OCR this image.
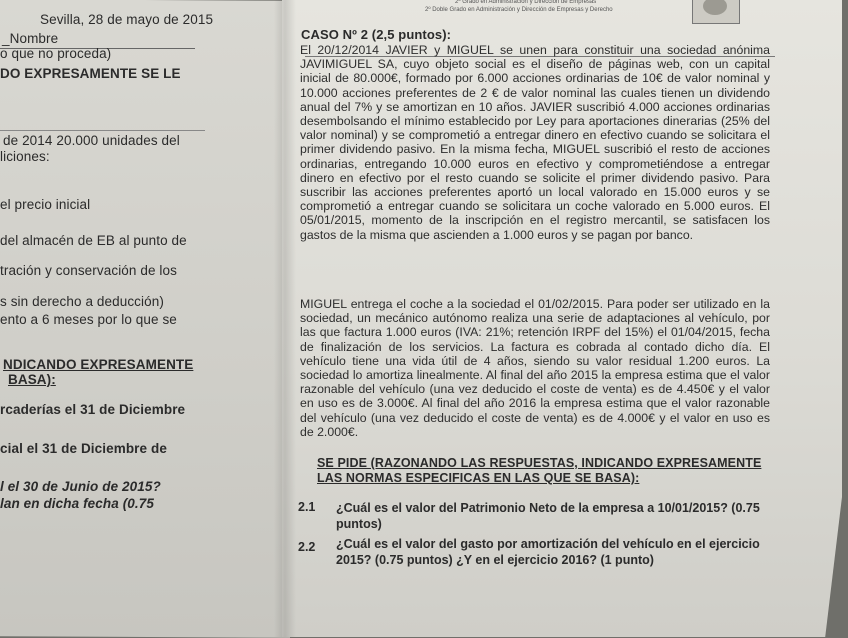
2º Grado en Administración y Dirección de Empresas
2º Doble Grado en Administración y Dirección de Empresas y Derecho
Sevilla, 28 de mayo de 2015
_Nombre
o que no proceda)
DO EXPRESAMENTE SE LE
de 2014 20.000 unidades del
liciones:
el precio inicial
del almacén de EB al punto de
tración y conservación de los
s sin derecho a deducción)
ento a 6 meses por lo que se
NDICANDO EXPRESAMENTE
BASA):
rcaderías el 31 de Diciembre
cial el 31 de Diciembre de
l el 30 de Junio de 2015?
lan en dicha fecha (0.75
CASO Nº 2 (2,5 puntos):
El 20/12/2014 JAVIER y MIGUEL se unen para constituir una sociedad anónima JAVIMIGUEL SA, cuyo objeto social es el diseño de páginas web, con un capital inicial de 80.000€, formado por 6.000 acciones ordinarias de 10€ de valor nominal y 10.000 acciones preferentes de 2 € de valor nominal las cuales tienen un dividendo anual del 7% y se amortizan en 10 años. JAVIER suscribió 4.000 acciones ordinarias desembolsando el mínimo establecido por Ley para aportaciones dinerarias (25% del valor nominal) y se comprometió a entregar dinero en efectivo cuando se solicitara el primer dividendo pasivo. En la misma fecha, MIGUEL suscribió el resto de acciones ordinarias, entregando 10.000 euros en efectivo y comprometiéndose a entregar dinero en efectivo por el resto cuando se solicite el primer dividendo pasivo. Para suscribir las acciones preferentes aportó un local valorado en 15.000 euros y se comprometió a entregar cuando se solicitara un coche valorado en 5.000 euros. El 05/01/2015, momento de la inscripción en el registro mercantil, se satisfacen los gastos de la misma que ascienden a 1.000 euros y se pagan por banco.
MIGUEL entrega el coche a la sociedad el 01/02/2015. Para poder ser utilizado en la sociedad, un mecánico autónomo realiza una serie de adaptaciones al vehículo, por las que factura 1.000 euros (IVA: 21%; retención IRPF del 15%) el 01/04/2015, fecha de finalización de los servicios. La factura es cobrada al contado dicho día. El vehículo tiene una vida útil de 4 años, siendo su valor residual 1.200 euros. La sociedad lo amortiza linealmente. Al final del año 2015 la empresa estima que el valor razonable del vehículo (una vez deducido el coste de venta) es de 4.450€ y el valor en uso es de 3.000€. Al final del año 2016 la empresa estima que el valor razonable del vehículo (una vez deducido el coste de venta) es de 4.000€ y el valor en uso es de 2.000€.
SE PIDE (RAZONANDO LAS RESPUESTAS, INDICANDO EXPRESAMENTE
LAS NORMAS ESPECIFICAS EN LAS QUE SE BASA):
2.1 ¿Cuál es el valor del Patrimonio Neto de la empresa a 10/01/2015? (0.75 puntos)
2.2 ¿Cuál es el valor del gasto por amortización del vehículo en el ejercicio 2015? (0.75 puntos) ¿Y en el ejercicio 2016? (1 punto)
